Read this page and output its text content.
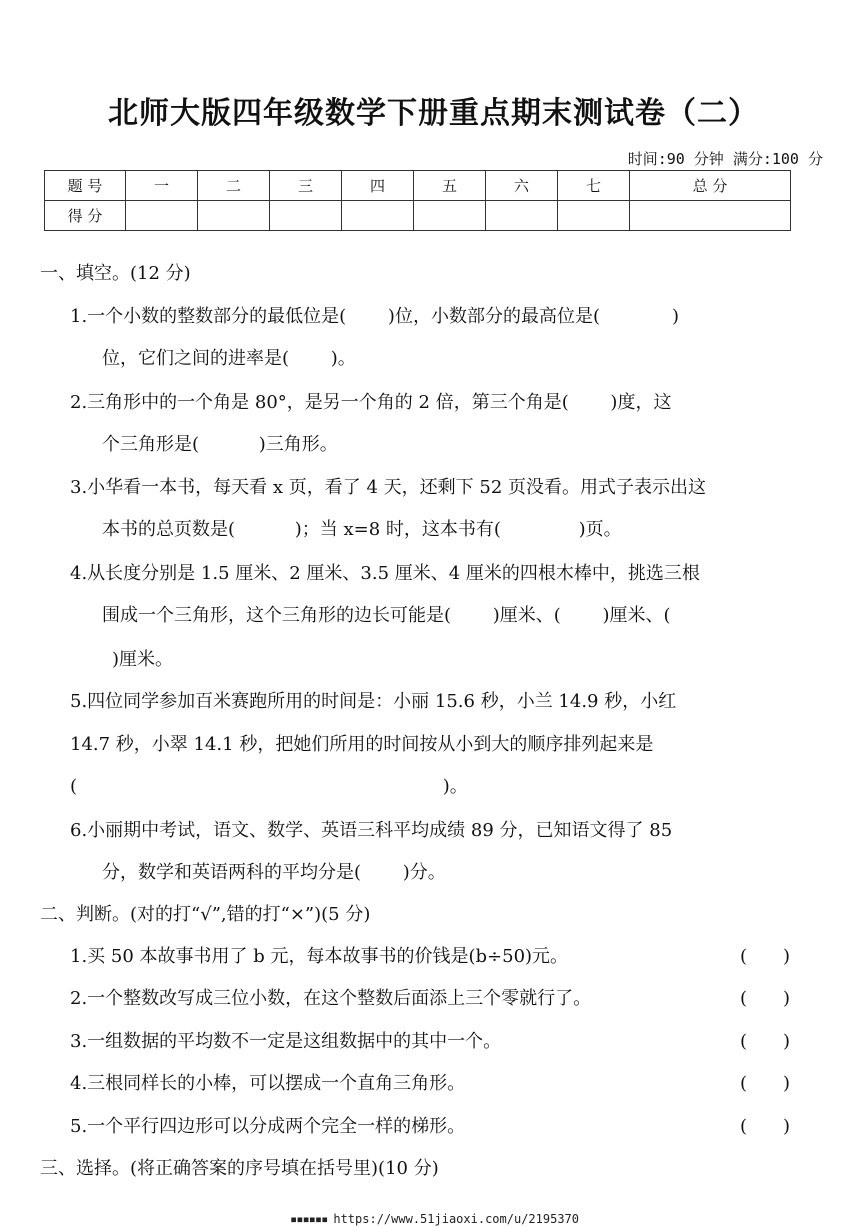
北师大版四年级数学下册重点期末测试卷（二）
时间:90 分钟 满分:100 分
题 号	一	二	三	四	五	六	七	总 分
得 分								
一、填空。(12 分)
1.一个小数的整数部分的最低位是(　　 )位，小数部分的最高位是(　　　　)
位，它们之间的进率是(　　 )。
2.三角形中的一个角是 80°，是另一个角的 2 倍，第三个角是(　　 )度，这
个三角形是(　　　 )三角形。
3.小华看一本书，每天看 x 页，看了 4 天，还剩下 52 页没看。用式子表示出这
本书的总页数是(　　　 )；当 x=8 时，这本书有(　　　　 )页。
4.从长度分别是 1.5 厘米、2 厘米、3.5 厘米、4 厘米的四根木棒中，挑选三根
围成一个三角形，这个三角形的边长可能是(　　 )厘米、(　　 )厘米、(
)厘米。
5.四位同学参加百米赛跑所用的时间是：小丽 15.6 秒，小兰 14.9 秒，小红
14.7 秒，小翠 14.1 秒，把她们所用的时间按从小到大的顺序排列起来是
(　　　　　　　　　　　　　　　　　　　　 )。
6.小丽期中考试，语文、数学、英语三科平均成绩 89 分，已知语文得了 85
分，数学和英语两科的平均分是(　　 )分。
二、判断。(对的打“√”,错的打“×”)(5 分)
1.买 50 本故事书用了 b 元，每本故事书的价钱是(b÷50)元。	(　　)
2.一个整数改写成三位小数，在这个整数后面添上三个零就行了。	(　　)
3.一组数据的平均数不一定是这组数据中的其中一个。	(　　)
4.三根同样长的小棒，可以摆成一个直角三角形。	(　　)
5.一个平行四边形可以分成两个完全一样的梯形。	(　　)
三、选择。(将正确答案的序号填在括号里)(10 分)
▪▪▪▪▪▪ https://www.51jiaoxi.com/u/2195370
